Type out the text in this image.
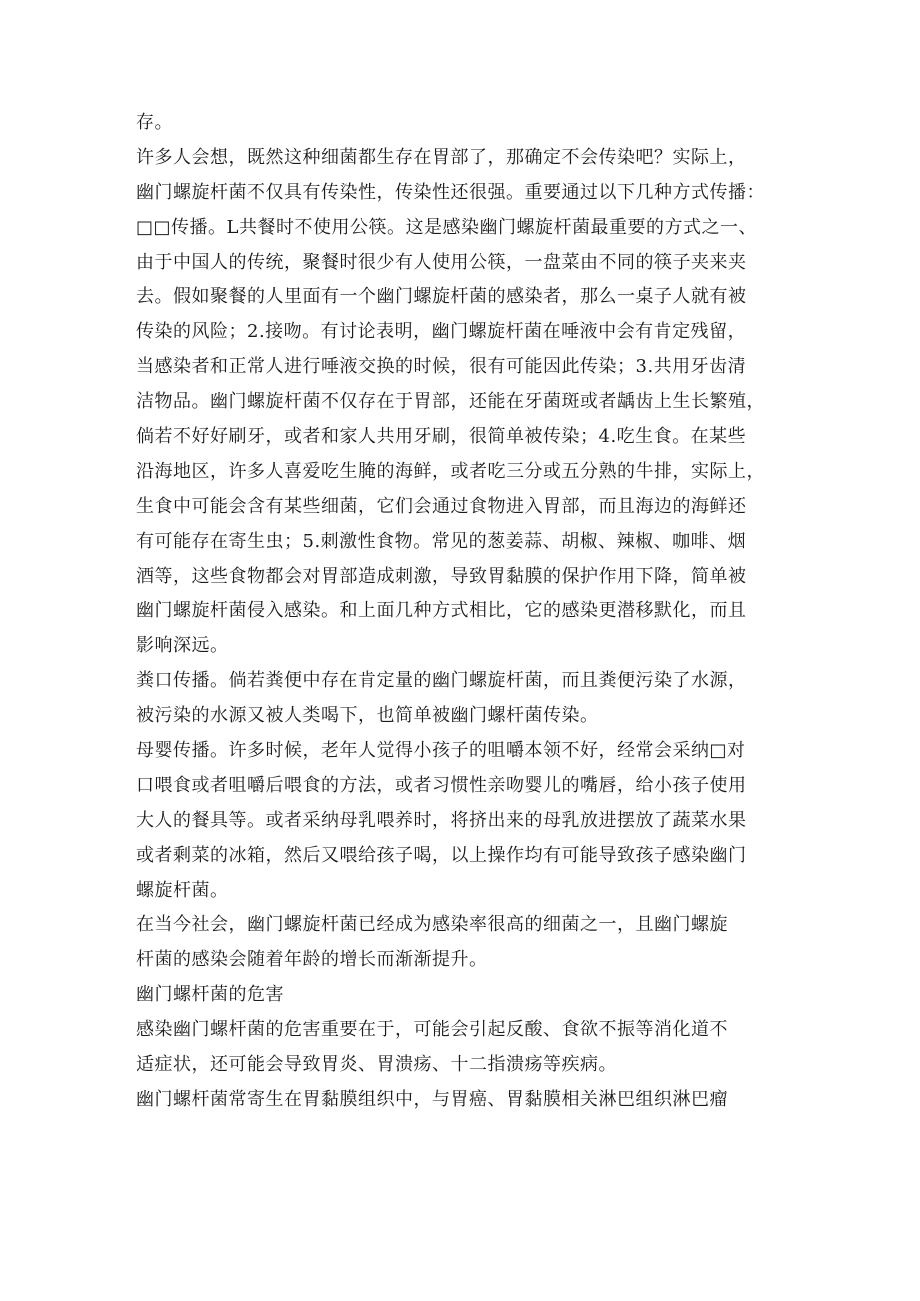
存。
许多人会想，既然这种细菌都生存在胃部了，那确定不会传染吧？实际上，
幽门螺旋杆菌不仅具有传染性，传染性还很强。重要通过以下几种方式传播：
□□传播。L共餐时不使用公筷。这是感染幽门螺旋杆菌最重要的方式之一、
由于中国人的传统，聚餐时很少有人使用公筷，一盘菜由不同的筷子夹来夹
去。假如聚餐的人里面有一个幽门螺旋杆菌的感染者，那么一桌子人就有被
传染的风险；2.接吻。有讨论表明，幽门螺旋杆菌在唾液中会有肯定残留，
当感染者和正常人进行唾液交换的时候，很有可能因此传染；3.共用牙齿清
洁物品。幽门螺旋杆菌不仅存在于胃部，还能在牙菌斑或者龋齿上生长繁殖，
倘若不好好刷牙，或者和家人共用牙刷，很简单被传染；4.吃生食。在某些
沿海地区，许多人喜爱吃生腌的海鲜，或者吃三分或五分熟的牛排，实际上，
生食中可能会含有某些细菌，它们会通过食物进入胃部，而且海边的海鲜还
有可能存在寄生虫；5.刺激性食物。常见的葱姜蒜、胡椒、辣椒、咖啡、烟
酒等，这些食物都会对胃部造成刺激，导致胃黏膜的保护作用下降，简单被
幽门螺旋杆菌侵入感染。和上面几种方式相比，它的感染更潜移默化，而且
影响深远。
粪口传播。倘若粪便中存在肯定量的幽门螺旋杆菌，而且粪便污染了水源，
被污染的水源又被人类喝下，也简单被幽门螺杆菌传染。
母婴传播。许多时候，老年人觉得小孩子的咀嚼本领不好，经常会采纳□对
口喂食或者咀嚼后喂食的方法，或者习惯性亲吻婴儿的嘴唇，给小孩子使用
大人的餐具等。或者采纳母乳喂养时，将挤出来的母乳放进摆放了蔬菜水果
或者剩菜的冰箱，然后又喂给孩子喝，以上操作均有可能导致孩子感染幽门
螺旋杆菌。
在当今社会，幽门螺旋杆菌已经成为感染率很高的细菌之一，且幽门螺旋
杆菌的感染会随着年龄的增长而渐渐提升。
幽门螺杆菌的危害
感染幽门螺杆菌的危害重要在于，可能会引起反酸、食欲不振等消化道不
适症状，还可能会导致胃炎、胃溃疡、十二指溃疡等疾病。
幽门螺杆菌常寄生在胃黏膜组织中，与胃癌、胃黏膜相关淋巴组织淋巴瘤
